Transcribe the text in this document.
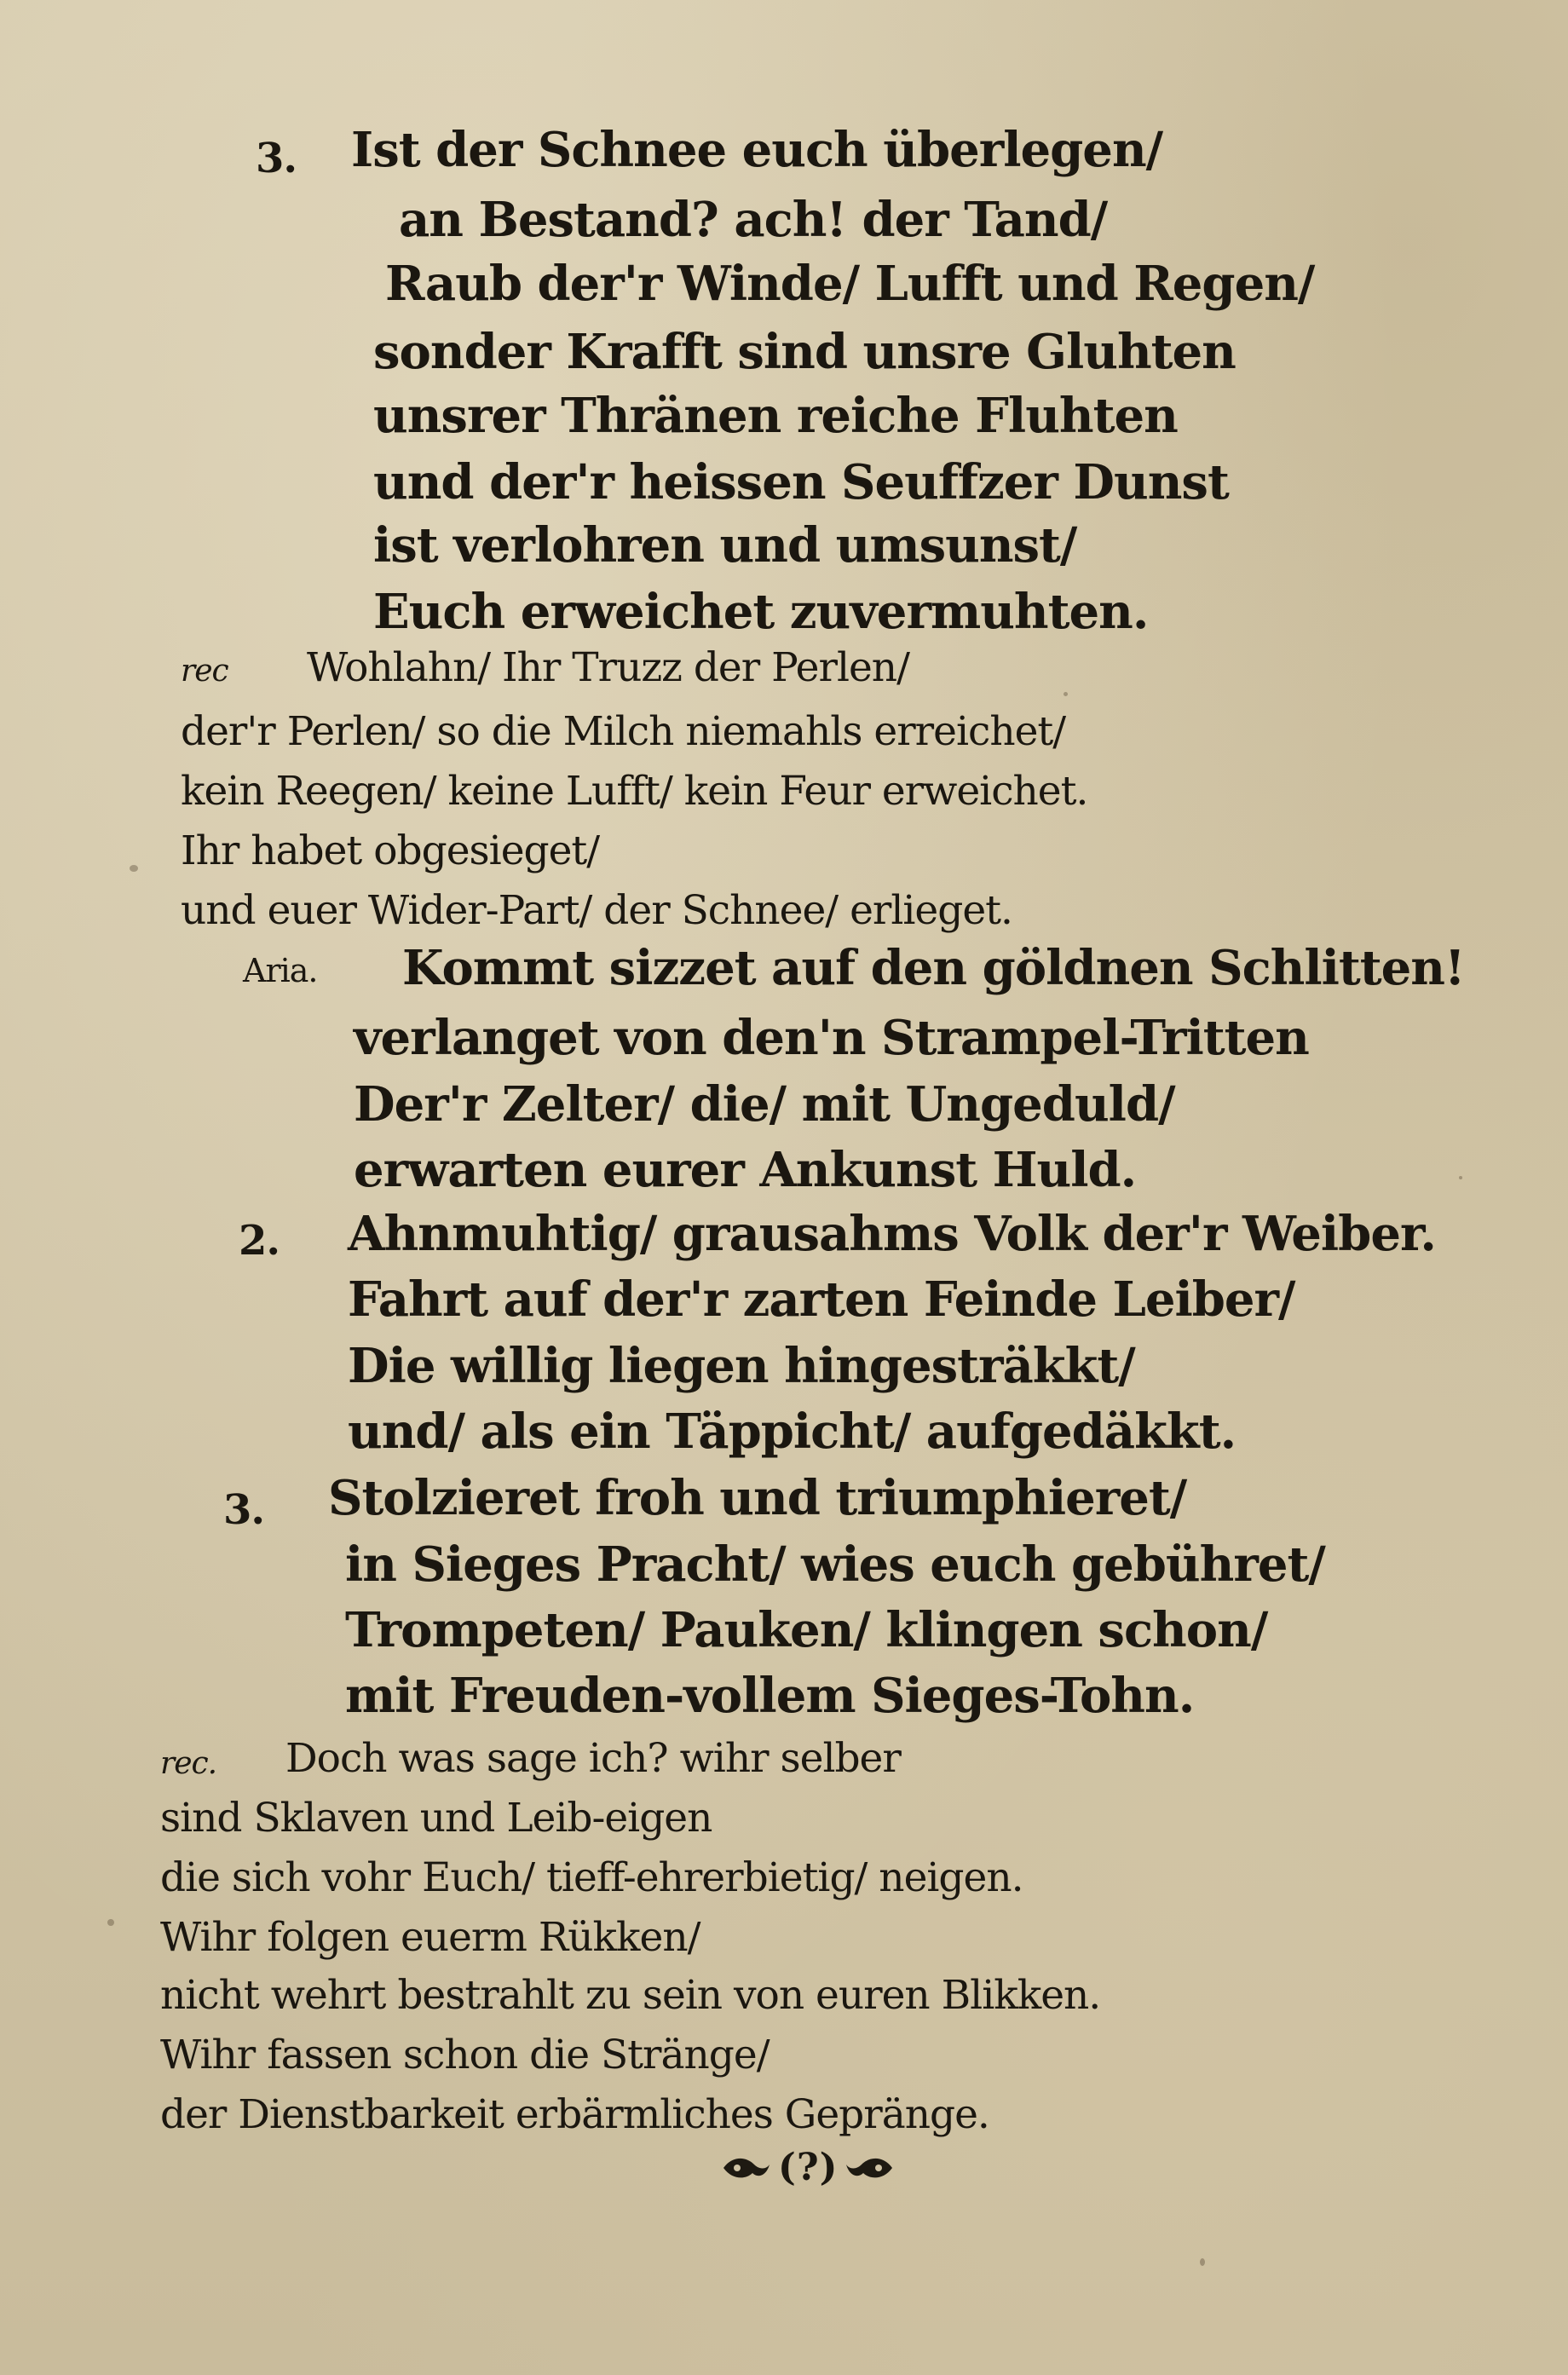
3. Ist der Schnee euch überlegen/
an Bestand? ach! der Tand/
Raub der'r Winde/ Lufft und Regen/
sonder Krafft sind unsre Gluhten
unsrer Thränen reiche Fluhten
und der'r heissen Seuffzer Dunst
ist verlohren und umsunst/
Euch erweichet zuvermuhten.
rec Wohlahn/ Ihr Truzz der Perlen/
der'r Perlen/ so die Milch niemahls erreichet/
kein Reegen/ keine Lufft/ kein Feur erweichet.
Ihr habet obgesieget/
und euer Wider-Part/ der Schnee/ erlieget.
Aria. Kommt sizzet auf den göldnen Schlitten!
verlanget von den'n Strampel-Tritten
Der'r Zelter/ die/ mit Ungeduld/
erwarten eurer Ankunst Huld.
2. Ahnmuhtig/ grausahms Volk der'r Weiber.
Fahrt auf der'r zarten Feinde Leiber/
Die willig liegen hingesträkkt/
und/ als ein Täppicht/ aufgedäkkt.
3. Stolzieret froh und triumphieret/
in Sieges Pracht/ wies euch gebühret/
Trompeten/ Pauken/ klingen schon/
mit Freuden-vollem Sieges-Tohn.
rec. Doch was sage ich? wihr selber
sind Sklaven und Leib-eigen
die sich vohr Euch/ tieff-ehrerbietig/ neigen.
Wihr folgen euerm Rükken/
nicht wehrt bestrahlt zu sein von euren Blikken.
Wihr fassen schon die Stränge/
der Dienstbarkeit erbärmliches Gepränge.
(?)
